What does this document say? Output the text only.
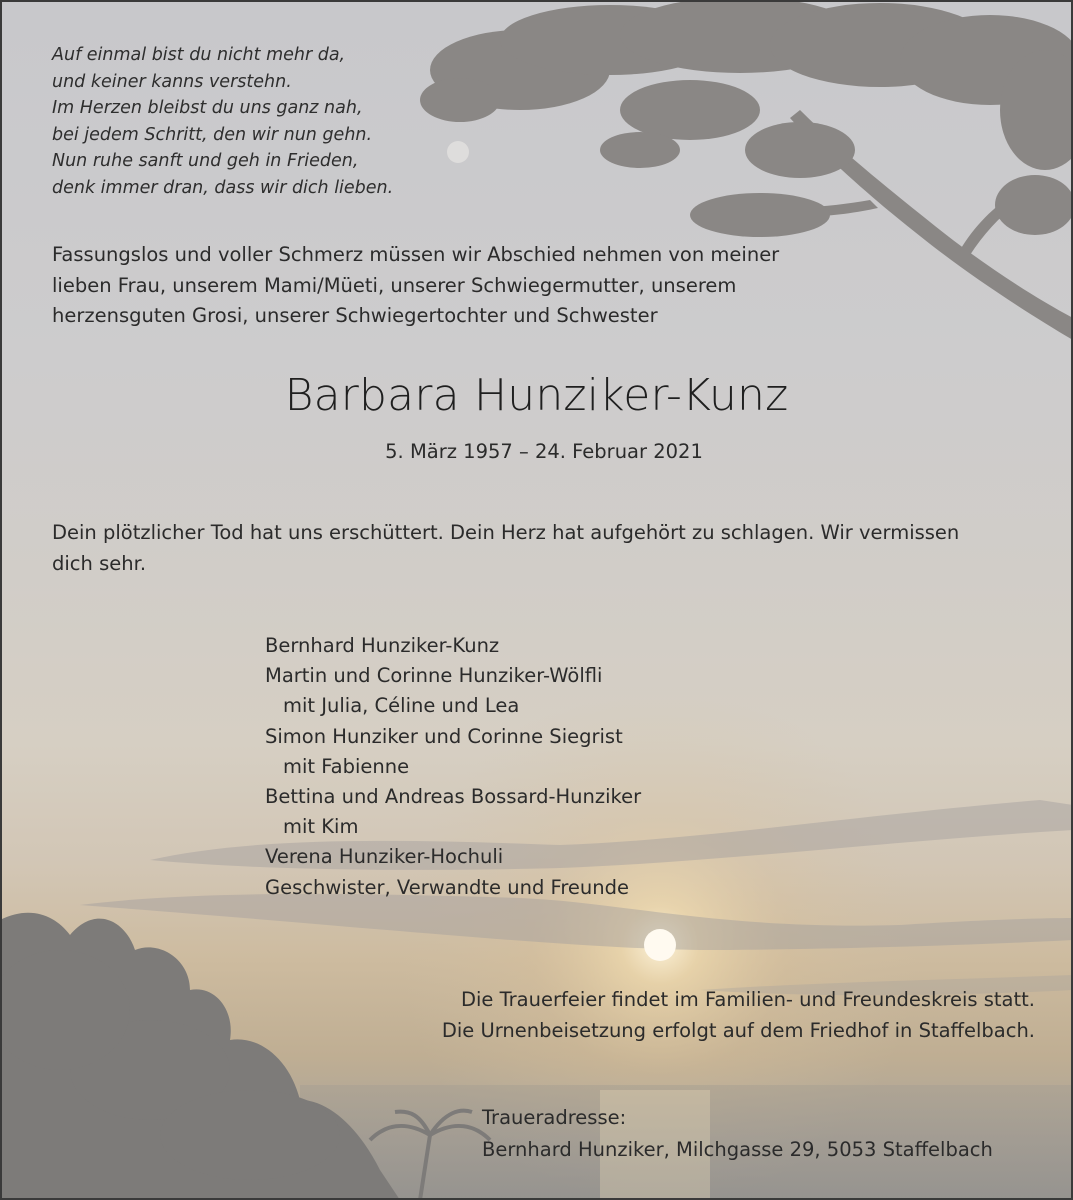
Auf einmal bist du nicht mehr da,
und keiner kanns verstehn.
Im Herzen bleibst du uns ganz nah,
bei jedem Schritt, den wir nun gehn.
Nun ruhe sanft und geh in Frieden,
denk immer dran, dass wir dich lieben.
Fassungslos und voller Schmerz müssen wir Abschied nehmen von meiner
lieben Frau, unserem Mami/Müeti, unserer Schwiegermutter, unserem
herzensguten Grosi, unserer Schwiegertochter und Schwester
Barbara Hunziker-Kunz
5. März 1957 – 24. Februar 2021
Dein plötzlicher Tod hat uns erschüttert. Dein Herz hat aufgehört zu schlagen. Wir vermissen
dich sehr.
Bernhard Hunziker-Kunz
Martin und Corinne Hunziker-Wölfli
mit Julia, Céline und Lea
Simon Hunziker und Corinne Siegrist
mit Fabienne
Bettina und Andreas Bossard-Hunziker
mit Kim
Verena Hunziker-Hochuli
Geschwister, Verwandte und Freunde
Die Trauerfeier findet im Familien- und Freundeskreis statt.
Die Urnenbeisetzung erfolgt auf dem Friedhof in Staffelbach.
Traueradresse:
Bernhard Hunziker, Milchgasse 29, 5053 Staffelbach
